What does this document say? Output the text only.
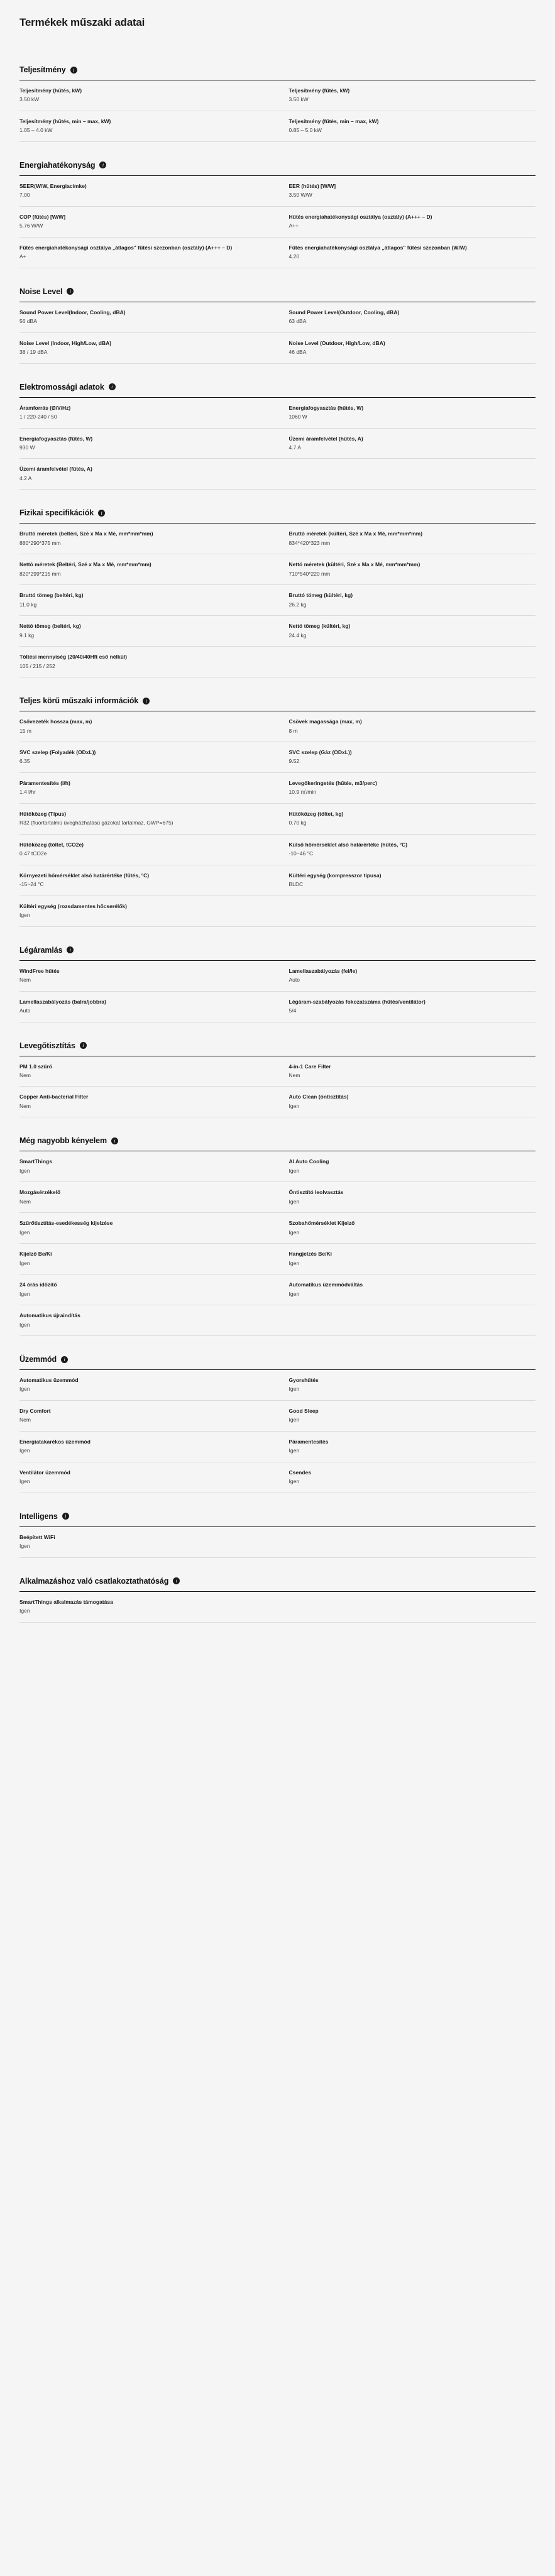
Termékek műszaki adatai
Teljesítmény
i
Teljesítmény (hűtés, kW)
3.50 kW
Teljesítmény (fűtés, kW)
3.50 kW
Teljesítmény (hűtés, min – max, kW)
1.05 – 4.0 kW
Teljesítmény (fűtés, min – max, kW)
0.85 – 5.0 kW
Energiahatékonyság
i
SEER(W/W, Energiacímke)
7.00
EER (hűtés) [W/W]
3.50 W/W
COP (fűtés) [W/W]
5.76 W/W
Hűtés energiahatékonysági osztálya (osztály) (A+++ – D)
A++
Fűtés energiahatékonysági osztálya „átlagos" fűtési szezonban (osztály) (A+++ – D)
A+
Fűtés energiahatékonysági osztálya „átlagos" fűtési szezonban (W/W)
4.20
Noise Level
i
Sound Power Level(Indoor, Cooling, dBA)
56 dBA
Sound Power Level(Outdoor, Cooling, dBA)
63 dBA
Noise Level (Indoor, High/Low, dBA)
38 / 19 dBA
Noise Level (Outdoor, High/Low, dBA)
46 dBA
Elektromossági adatok
i
Áramforrás (Ø/V/Hz)
1 / 220-240 / 50
Energiafogyasztás (hűtés, W)
1060 W
Energiafogyasztás (fűtés, W)
930 W
Üzemi áramfelvétel (hűtés, A)
4.7 A
Üzemi áramfelvétel (fűtés, A)
4.2 A
Fizikai specifikációk
i
Bruttó méretek (beltéri, Szé x Ma x Mé, mm*mm*mm)
880*290*375 mm
Bruttó méretek (kültéri, Szé x Ma x Mé, mm*mm*mm)
834*420*323 mm
Nettó méretek (Beltéri, Szé x Ma x Mé, mm*mm*mm)
820*299*215 mm
Nettó méretek (kültéri, Szé x Ma x Mé, mm*mm*mm)
710*540*220 mm
Bruttó tömeg (beltéri, kg)
11.0 kg
Bruttó tömeg (kültéri, kg)
26.2 kg
Nettó tömeg (beltéri, kg)
9.1 kg
Nettó tömeg (kültéri, kg)
24.4 kg
Töltési mennyiség (20/40/40Hft cső nélkül)
105 / 215 / 252
Teljes körű műszaki információk
i
Csővezeték hossza (max, m)
15 m
Csövek magassága (max, m)
8 m
SVC szelep (Folyadék (ODxL))
6.35
SVC szelep (Gáz (ODxL))
9.52
Páramentesítés (l/h)
1.4 l/hr
Levegőkeringetés (hűtés, m3/perc)
10.9 ㎥/min
Hűtőközeg (Típus)
R32 (fluortartalmú üvegházhatású gázokat tartalmaz, GWP=675)
Hűtőközeg (töltet, kg)
0.70 kg
Hűtőközeg (töltet, tCO2e)
0.47 tCO2e
Külső hőmérséklet alsó határértéke (hűtés, °C)
-10~46 °C
Környezeti hőmérséklet alsó határértéke (fűtés, °C)
-15~24 °C
Kültéri egység (kompresszor típusa)
BLDC
Kültéri egység (rozsdamentes hőcserélők)
Igen
Légáramlás
i
WindFree hűtés
Nem
Lamellaszabályozás (fel/le)
Auto
Lamellaszabályozás (balra/jobbra)
Auto
Légáram-szabályozás fokozatszáma (hűtés/ventilátor)
5/4
Levegőtisztítás
i
PM 1.0 szűrő
Nem
4-in-1 Care Filter
Nem
Copper Anti-bacterial Filter
Nem
Auto Clean (öntisztítás)
Igen
Még nagyobb kényelem
i
SmartThings
Igen
AI Auto Cooling
Igen
Mozgásérzékelő
Nem
Öntisztító leolvasztás
Igen
Szűrőtisztítás-esedékesség kijelzése
Igen
Szobahőmérséklet Kijelző
Igen
Kijelző Be/Ki
Igen
Hangjelzés Be/Ki
Igen
24 órás időzítő
Igen
Automatikus üzemmódváltás
Igen
Automatikus újraindítás
Igen
Üzemmód
i
Automatikus üzemmód
Igen
Gyorshűtés
Igen
Dry Comfort
Nem
Good Sleep
Igen
Energiatakarékos üzemmód
Igen
Páramentesítés
Igen
Ventilátor üzemmód
Igen
Csendes
Igen
Intelligens
i
Beépített WiFi
Igen
Alkalmazáshoz való csatlakoztathatóság
i
SmartThings alkalmazás támogatása
Igen
